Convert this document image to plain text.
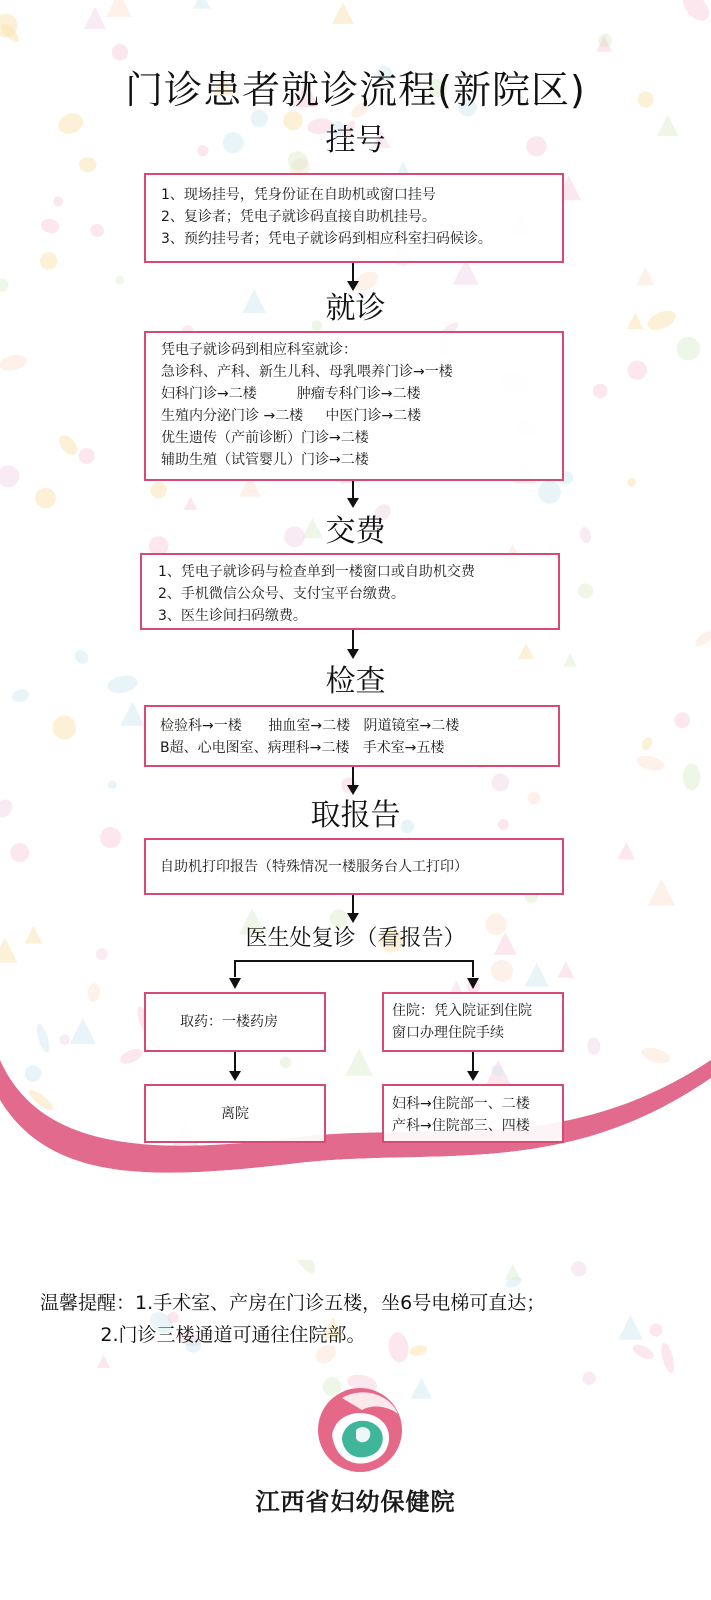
门诊患者就诊流程(新院区)
挂号
1、现场挂号，凭身份证在自助机或窗口挂号
2、复诊者；凭电子就诊码直接自助机挂号。
3、预约挂号者；凭电子就诊码到相应科室扫码候诊。
就诊
凭电子就诊码到相应科室就诊：
急诊科、产科、新生儿科、母乳喂养门诊→一楼
妇科门诊→二楼         肿瘤专科门诊→二楼
生殖内分泌门诊 →二楼     中医门诊→二楼
优生遗传（产前诊断）门诊→二楼
辅助生殖（试管婴儿）门诊→二楼
交费
1、凭电子就诊码与检查单到一楼窗口或自助机交费
2、手机微信公众号、支付宝平台缴费。
3、医生诊间扫码缴费。
检查
检验科→一楼      抽血室→二楼   阴道镜室→二楼
B超、心电图室、病理科→二楼   手术室→五楼
取报告
自助机打印报告（特殊情况一楼服务台人工打印）
医生处复诊（看报告）
取药：一楼药房
离院
住院：凭入院证到住院
窗口办理住院手续
妇科→住院部一、二楼
产科→住院部三、四楼
温馨提醒：1.手术室、产房在门诊五楼，坐6号电梯可直达；
2.门诊三楼通道可通往住院部。
江西省妇幼保健院
